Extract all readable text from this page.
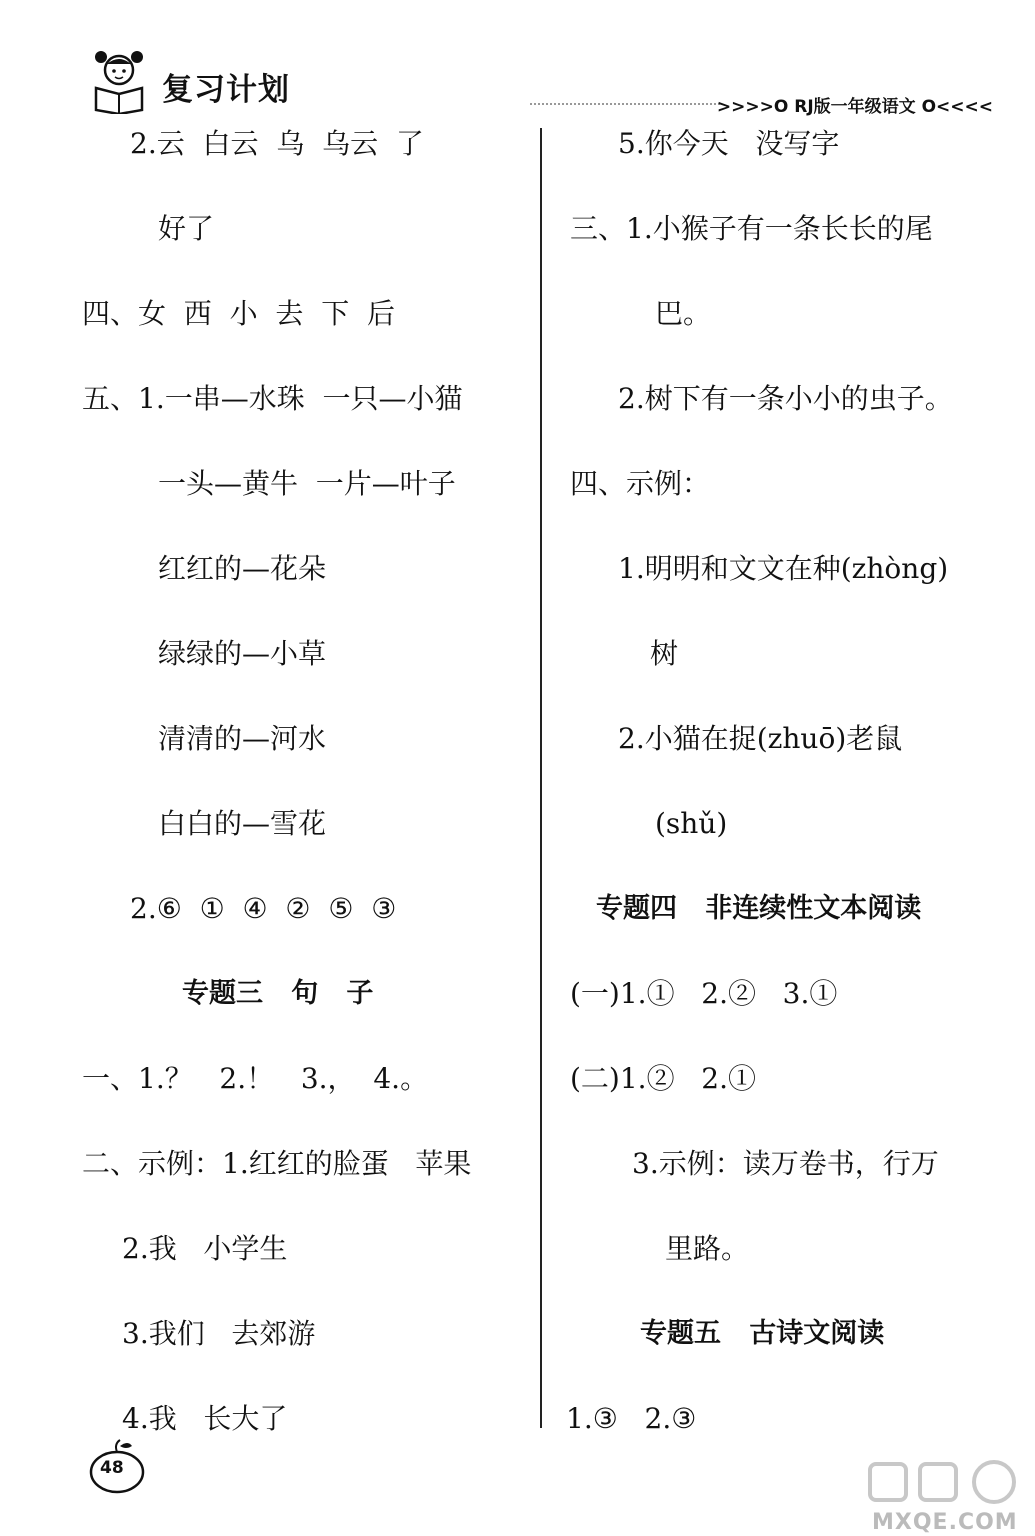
复习计划	>>>>O RJ版一年级语文 O<<<<
2.云  白云  乌  乌云  了
好了
四、女  西  小  去  下  后
五、1.一串—水珠  一只—小猫
一头—黄牛  一片—叶子
红红的—花朵
绿绿的—小草
清清的—河水
白白的—雪花
2.⑥  ①  ④  ②  ⑤  ③
专题三   句   子
一、1.？   2.！   3.，  4.。
二、示例：1.红红的脸蛋   苹果
2.我   小学生
3.我们   去郊游
4.我   长大了
5.你今天   没写字
三、1.小猴子有一条长长的尾
巴。
2.树下有一条小小的虫子。
四、示例：
1.明明和文文在种(zhòng)
树
2.小猫在捉(zhuō)老鼠
(shǔ)
专题四   非连续性文本阅读
(一)1.①   2.②   3.①
(二)1.②   2.①
3.示例：读万卷书，行万
里路。
专题五   古诗文阅读
1.③   2.③
48
MXQE.COM
